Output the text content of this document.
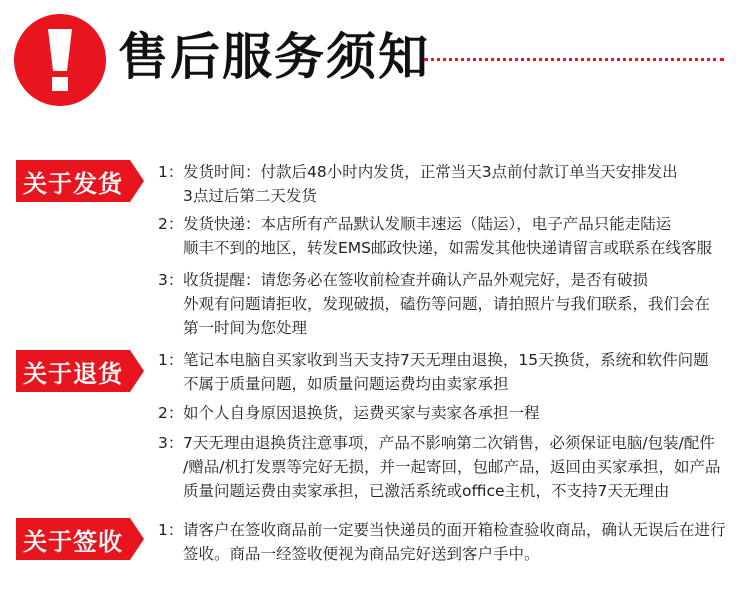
售后服务须知
关于发货	1： 发货时间：付款后48小时内发货，正常当天3点前付款订单当天安排发出
3点过后第二天发货
2： 发货快递：本店所有产品默认发顺丰速运（陆运），电子产品只能走陆运
顺丰不到的地区，转发EMS邮政快递，如需发其他快递请留言或联系在线客服
3： 收货提醒：请您务必在签收前检查并确认产品外观完好，是否有破损
外观有问题请拒收，发现破损，磕伤等问题，请拍照片与我们联系，我们会在
第一时间为您处理
关于退货	1： 笔记本电脑自买家收到当天支持7天无理由退换，15天换货，系统和软件问题
不属于质量问题，如质量问题运费均由卖家承担
2： 如个人自身原因退换货，运费买家与卖家各承担一程
3： 7天无理由退换货注意事项，产品不影响第二次销售，必须保证电脑/包装/配件
/赠品/机打发票等完好无损，并一起寄回，包邮产品，返回由买家承担，如产品
质量问题运费由卖家承担，已激活系统或office主机，不支持7天无理由
关于签收	1： 请客户在签收商品前一定要当快递员的面开箱检查验收商品，确认无误后在进行
签收。商品一经签收便视为商品完好送到客户手中。
